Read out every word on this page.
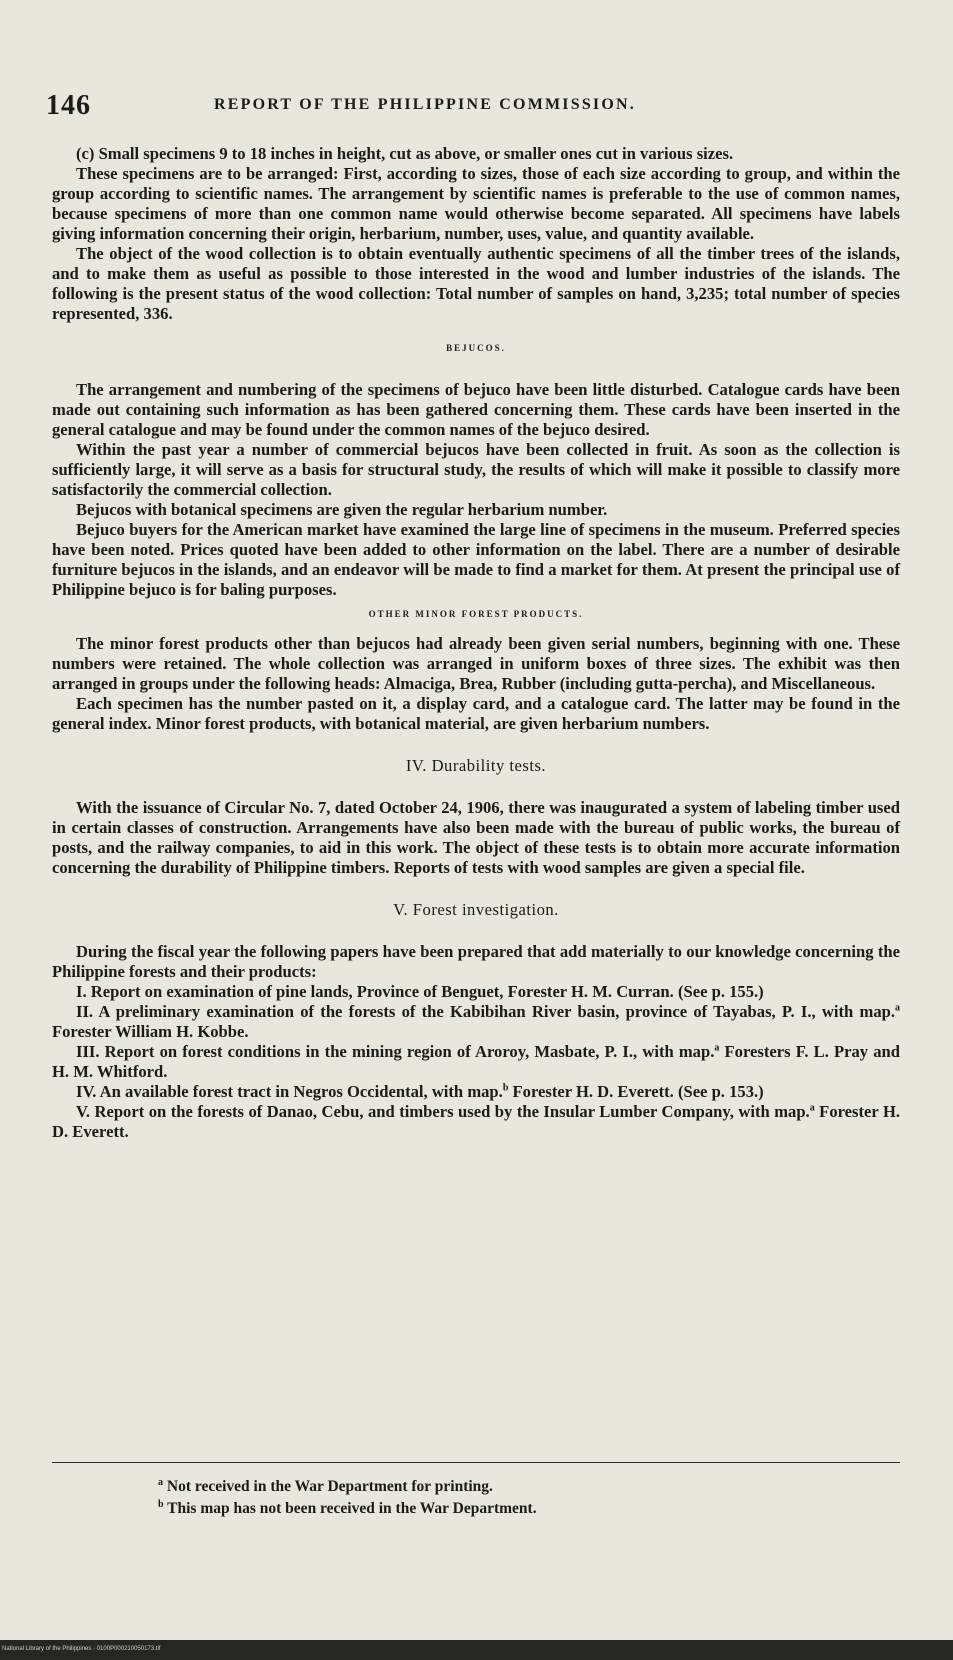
146	REPORT OF THE PHILIPPINE COMMISSION.

(c) Small specimens 9 to 18 inches in height, cut as above, or smaller ones cut in various sizes.

These specimens are to be arranged: First, according to sizes, those of each size according to group, and within the group according to scientific names. The arrangement by scientific names is preferable to the use of common names, because specimens of more than one common name would otherwise become separated. All specimens have labels giving information concerning their origin, herbarium, number, uses, value, and quantity available.

The object of the wood collection is to obtain eventually authentic specimens of all the timber trees of the islands, and to make them as useful as possible to those interested in the wood and lumber industries of the islands. The following is the present status of the wood collection: Total number of samples on hand, 3,235; total number of species represented, 336.

BEJUCOS.

The arrangement and numbering of the specimens of bejuco have been little disturbed. Catalogue cards have been made out containing such information as has been gathered concerning them. These cards have been inserted in the general catalogue and may be found under the common names of the bejuco desired.

Within the past year a number of commercial bejucos have been collected in fruit. As soon as the collection is sufficiently large, it will serve as a basis for structural study, the results of which will make it possible to classify more satisfactorily the commercial collection.

Bejucos with botanical specimens are given the regular herbarium number.

Bejuco buyers for the American market have examined the large line of specimens in the museum. Preferred species have been noted. Prices quoted have been added to other information on the label. There are a number of desirable furniture bejucos in the islands, and an endeavor will be made to find a market for them. At present the principal use of Philippine bejuco is for baling purposes.

OTHER MINOR FOREST PRODUCTS.

The minor forest products other than bejucos had already been given serial numbers, beginning with one. These numbers were retained. The whole collection was arranged in uniform boxes of three sizes. The exhibit was then arranged in groups under the following heads: Almaciga, Brea, Rubber (including gutta-percha), and Miscellaneous.

Each specimen has the number pasted on it, a display card, and a catalogue card. The latter may be found in the general index. Minor forest products, with botanical material, are given herbarium numbers.

IV. Durability tests.

With the issuance of Circular No. 7, dated October 24, 1906, there was inaugurated a system of labeling timber used in certain classes of construction. Arrangements have also been made with the bureau of public works, the bureau of posts, and the railway companies, to aid in this work. The object of these tests is to obtain more accurate information concerning the durability of Philippine timbers. Reports of tests with wood samples are given a special file.

V. Forest investigation.

During the fiscal year the following papers have been prepared that add materially to our knowledge concerning the Philippine forests and their products:

I. Report on examination of pine lands, Province of Benguet, Forester H. M. Curran. (See p. 155.)

II. A preliminary examination of the forests of the Kabibihan River basin, province of Tayabas, P. I., with map.$^a$ Forester William H. Kobbe.

III. Report on forest conditions in the mining region of Aroroy, Masbate, P. I., with map.$^a$ Foresters F. L. Pray and H. M. Whitford.

IV. An available forest tract in Negros Occidental, with map.$^b$ Forester H. D. Everett. (See p. 153.)

V. Report on the forests of Danao, Cebu, and timbers used by the Insular Lumber Company, with map.$^a$ Forester H. D. Everett.

$^a$ Not received in the War Department for printing.

$^b$ This map has not been received in the War Department.

National Library of the Philippines · 0100P000210050173.tif
